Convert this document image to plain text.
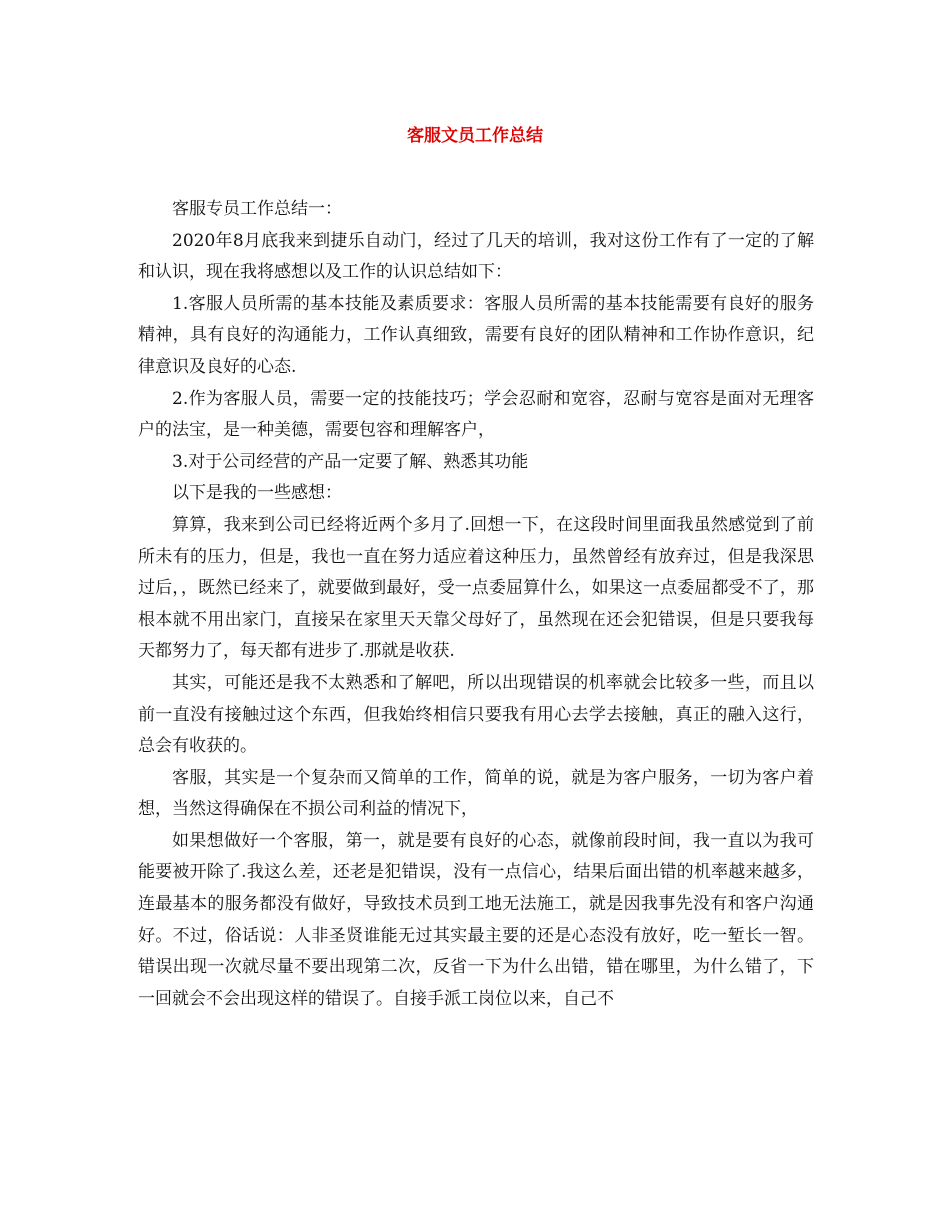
客服文员工作总结

客服专员工作总结一：

2020年8月底我来到捷乐自动门，经过了几天的培训，我对这份工作有了一定的了解和认识，现在我将感想以及工作的认识总结如下：

1.客服人员所需的基本技能及素质要求：客服人员所需的基本技能需要有良好的服务精神，具有良好的沟通能力，工作认真细致，需要有良好的团队精神和工作协作意识，纪律意识及良好的心态.

2.作为客服人员，需要一定的技能技巧；学会忍耐和宽容，忍耐与宽容是面对无理客户的法宝，是一种美德，需要包容和理解客户，

3.对于公司经营的产品一定要了解、熟悉其功能

以下是我的一些感想：

算算，我来到公司已经将近两个多月了.回想一下，在这段时间里面我虽然感觉到了前所未有的压力，但是，我也一直在努力适应着这种压力，虽然曾经有放弃过，但是我深思过后，，既然已经来了，就要做到最好，受一点委屈算什么，如果这一点委屈都受不了，那根本就不用出家门，直接呆在家里天天靠父母好了，虽然现在还会犯错误，但是只要我每天都努力了，每天都有进步了.那就是收获.

其实，可能还是我不太熟悉和了解吧，所以出现错误的机率就会比较多一些，而且以前一直没有接触过这个东西，但我始终相信只要我有用心去学去接触，真正的融入这行，总会有收获的。

客服，其实是一个复杂而又简单的工作，简单的说，就是为客户服务，一切为客户着想，当然这得确保在不损公司利益的情况下，

如果想做好一个客服，第一，就是要有良好的心态，就像前段时间，我一直以为我可能要被开除了.我这么差，还老是犯错误，没有一点信心，结果后面出错的机率越来越多，连最基本的服务都没有做好，导致技术员到工地无法施工，就是因我事先没有和客户沟通好。不过，俗话说：人非圣贤谁能无过其实最主要的还是心态没有放好，吃一堑长一智。错误出现一次就尽量不要出现第二次，反省一下为什么出错，错在哪里，为什么错了，下一回就会不会出现这样的错误了。自接手派工岗位以来，自己不
